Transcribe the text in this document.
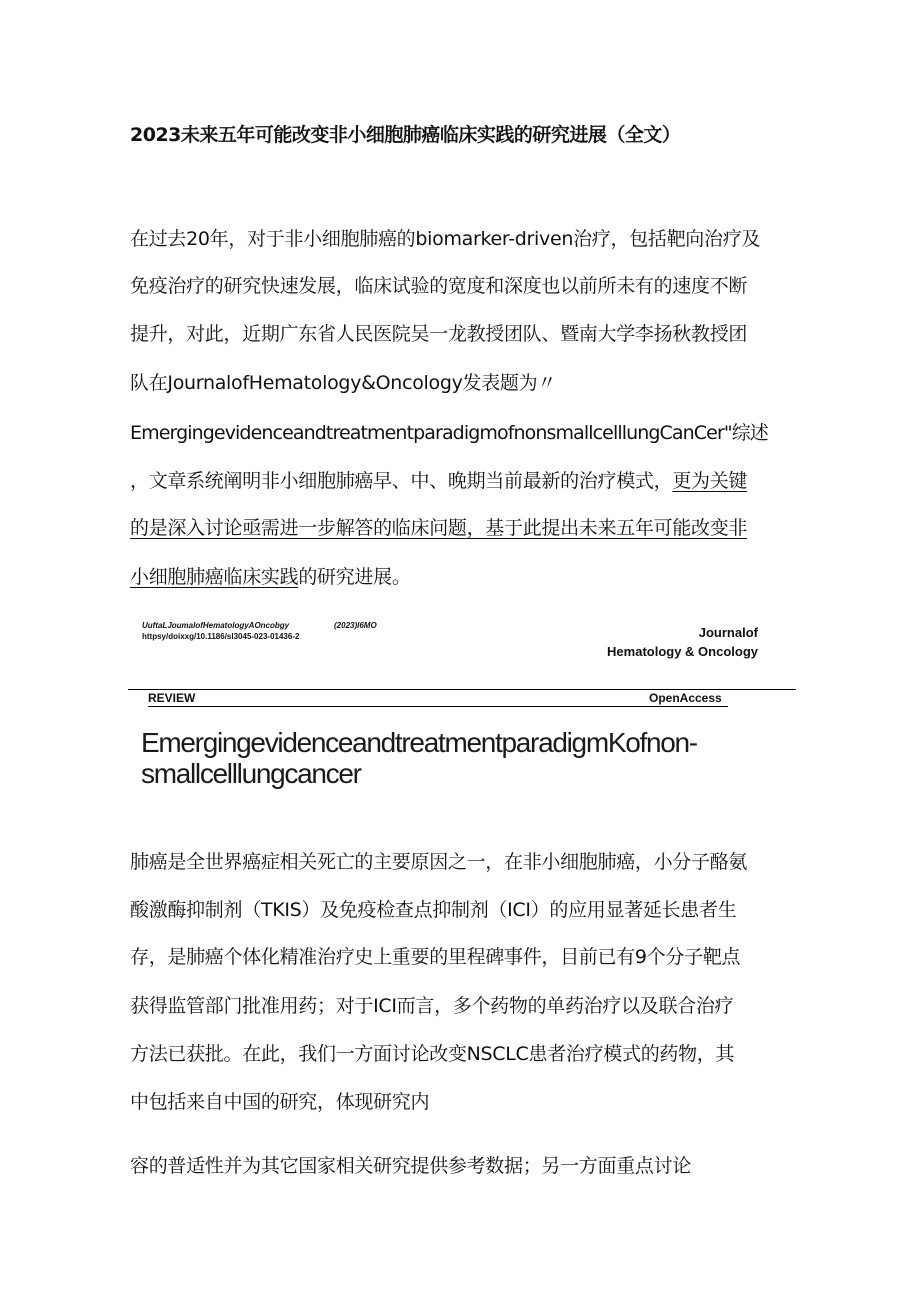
2023未来五年可能改变非小细胞肺癌临床实践的研究进展（全文）
在过去20年，对于非小细胞肺癌的biomarker-driven治疗，包括靶向治疗及
免疫治疗的研究快速发展，临床试验的宽度和深度也以前所未有的速度不断
提升，对此，近期广东省人民医院吴一龙教授团队、暨南大学李扬秋教授团
队在JournalofHematology&Oncology发表题为〃
EmergingevidenceandtreatmentparadigmofnonsmallcelllungCanCer"综述
，文章系统阐明非小细胞肺癌早、中、晚期当前最新的治疗模式，更为关键
的是深入讨论亟需进一步解答的临床问题，基于此提出未来五年可能改变非
小细胞肺癌临床实践的研究进展。
UuftaLJoumalofHematologyAOncobgy	(2023)I6MO
httpsy/doixxg/10.1186/sl3045-023-01436-2	Journalof
Hematology & Oncology
REVIEW	OpenAccess
EmergingevidenceandtreatmentparadigmKofnon-
smallcelllungcancer
肺癌是全世界癌症相关死亡的主要原因之一，在非小细胞肺癌，小分子酪氨
酸激酶抑制剂（TKIS）及免疫检查点抑制剂（ICI）的应用显著延长患者生
存，是肺癌个体化精准治疗史上重要的里程碑事件，目前已有9个分子靶点
获得监管部门批准用药；对于ICI而言，多个药物的单药治疗以及联合治疗
方法已获批。在此，我们一方面讨论改变NSCLC患者治疗模式的药物，其
中包括来自中国的研究，体现研究内
容的普适性并为其它国家相关研究提供参考数据；另一方面重点讨论
